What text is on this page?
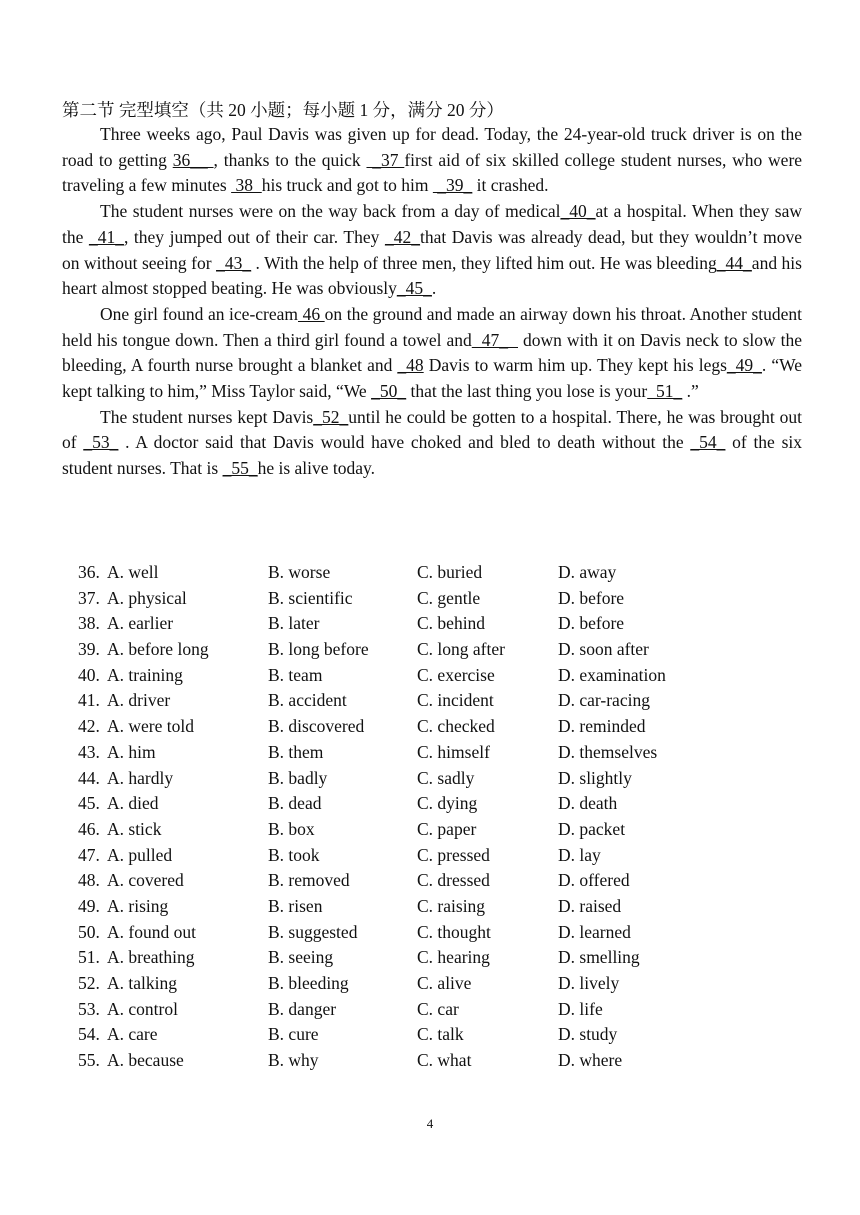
第二节 完型填空（共 20 小题；每小题 1 分，满分 20 分）

Three weeks ago, Paul Davis was given up for dead. Today, the 24-year-old truck driver is on the road to getting 36__ , thanks to the quick  _37 first aid of six skilled college student nurses, who were traveling a few minutes  38  his truck and got to him  _39_ it crashed.

The student nurses were on the way back from a day of medical_40_at a hospital. When they saw the _41_, they jumped out of their car. They _42_that Davis was already dead, but they wouldn’t move on without seeing for _43_ . With the help of three men, they lifted him out. He was bleeding_44_and his heart almost stopped beating. He was obviously_45_.

One girl found an ice-cream 46 on the ground and made an airway down his throat. Another student held his tongue down. Then a third girl found a towel and  47_   down with it on Davis neck to slow the bleeding, A fourth nurse brought a blanket and _48 Davis to warm him up. They kept his legs_49_. “We kept talking to him,” Miss Taylor said, “We _50_ that the last thing you lose is your  51_ .”

The student nurses kept Davis_52_until he could be gotten to a hospital. There, he was brought out of _53_ . A doctor said that Davis would have choked and bled to death without the _54_ of the six student nurses. That is _55_he is alive today.

36. A. well	B. worse	C. buried	D. away
37. A. physical	B. scientific	C. gentle	D. before
38. A. earlier	B. later	C. behind	D. before
39. A. before long	B. long before	C. long after	D. soon after
40. A. training	B. team	C. exercise	D. examination
41. A. driver	B. accident	C. incident	D. car-racing
42. A. were told	B. discovered	C. checked	D. reminded
43. A. him	B. them	C. himself	D. themselves
44. A. hardly	B. badly	C. sadly	D. slightly
45. A. died	B. dead	C. dying	D. death
46. A. stick	B. box	C. paper	D. packet
47. A. pulled	B. took	C. pressed	D. lay
48. A. covered	B. removed	C. dressed	D. offered
49. A. rising	B. risen	C. raising	D. raised
50. A. found out	B. suggested	C. thought	D. learned
51. A. breathing	B. seeing	C. hearing	D. smelling
52. A. talking	B. bleeding	C. alive	D. lively
53. A. control	B. danger	C. car	D. life
54. A. care	B. cure	C. talk	D. study
55. A. because	B. why	C. what	D. where
4
